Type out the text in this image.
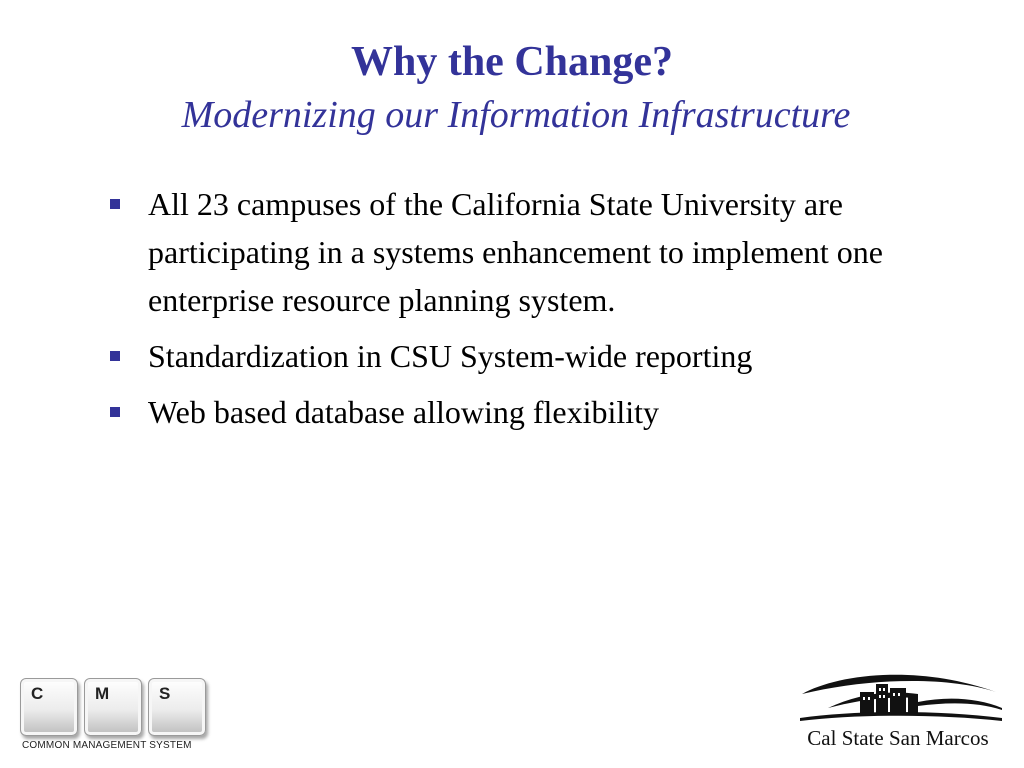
Why the Change?
Modernizing our Information Infrastructure
All 23 campuses of the California State University are participating in a systems enhancement to implement one enterprise resource planning system.
Standardization in CSU System-wide reporting
Web based database allowing flexibility
C	M	S
COMMON MANAGEMENT SYSTEM	Cal State San Marcos
